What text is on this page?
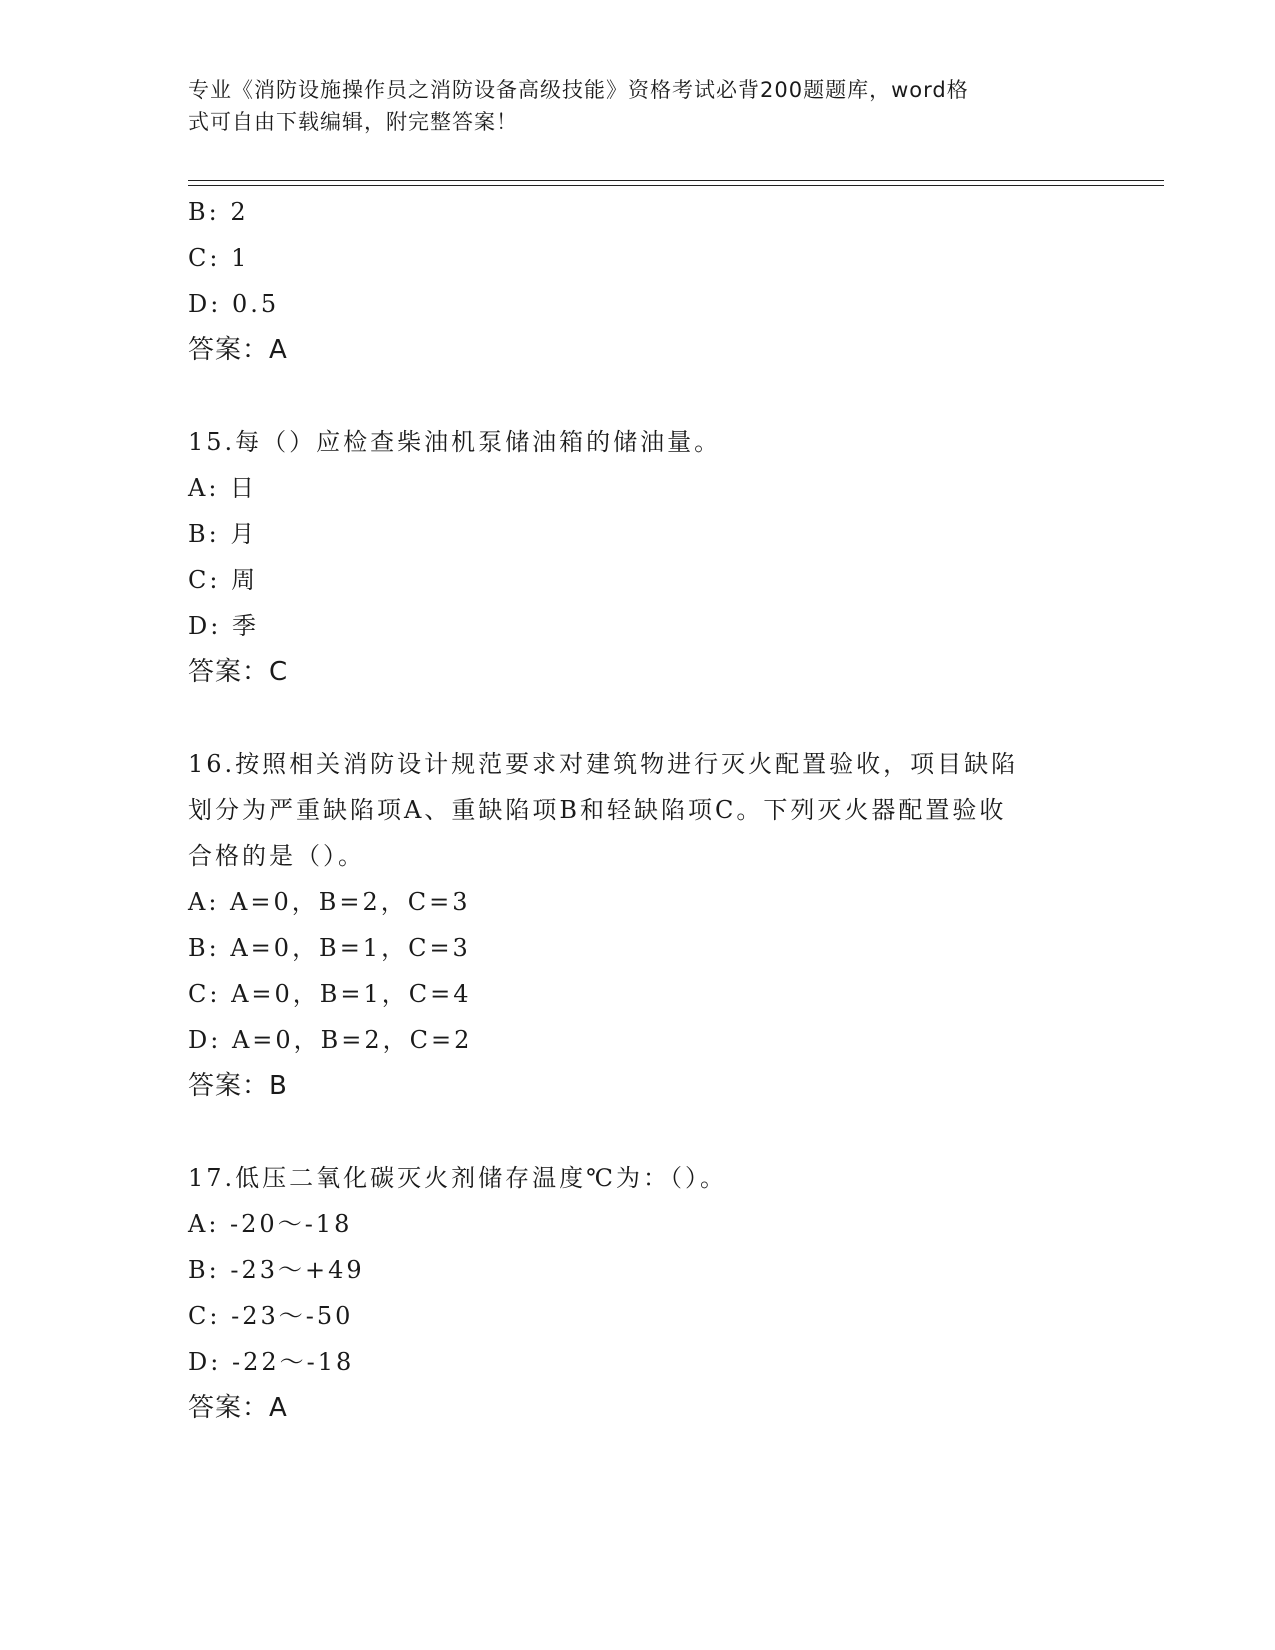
专业《消防设施操作员之消防设备高级技能》资格考试必背200题题库，word格
式可自由下载编辑，附完整答案！
B: 2
C: 1
D: 0.5
答案：A
15.每（）应检查柴油机泵储油箱的储油量。
A: 日
B: 月
C: 周
D: 季
答案：C
16.按照相关消防设计规范要求对建筑物进行灭火配置验收，项目缺陷
划分为严重缺陷项A、重缺陷项B和轻缺陷项C。下列灭火器配置验收
合格的是（）。
A: A=0，B=2，C=3
B: A=0，B=1，C=3
C: A=0，B=1，C=4
D: A=0，B=2，C=2
答案：B
17.低压二氧化碳灭火剂储存温度℃为：（）。
A: -20～-18
B: -23～+49
C: -23～-50
D: -22～-18
答案：A
